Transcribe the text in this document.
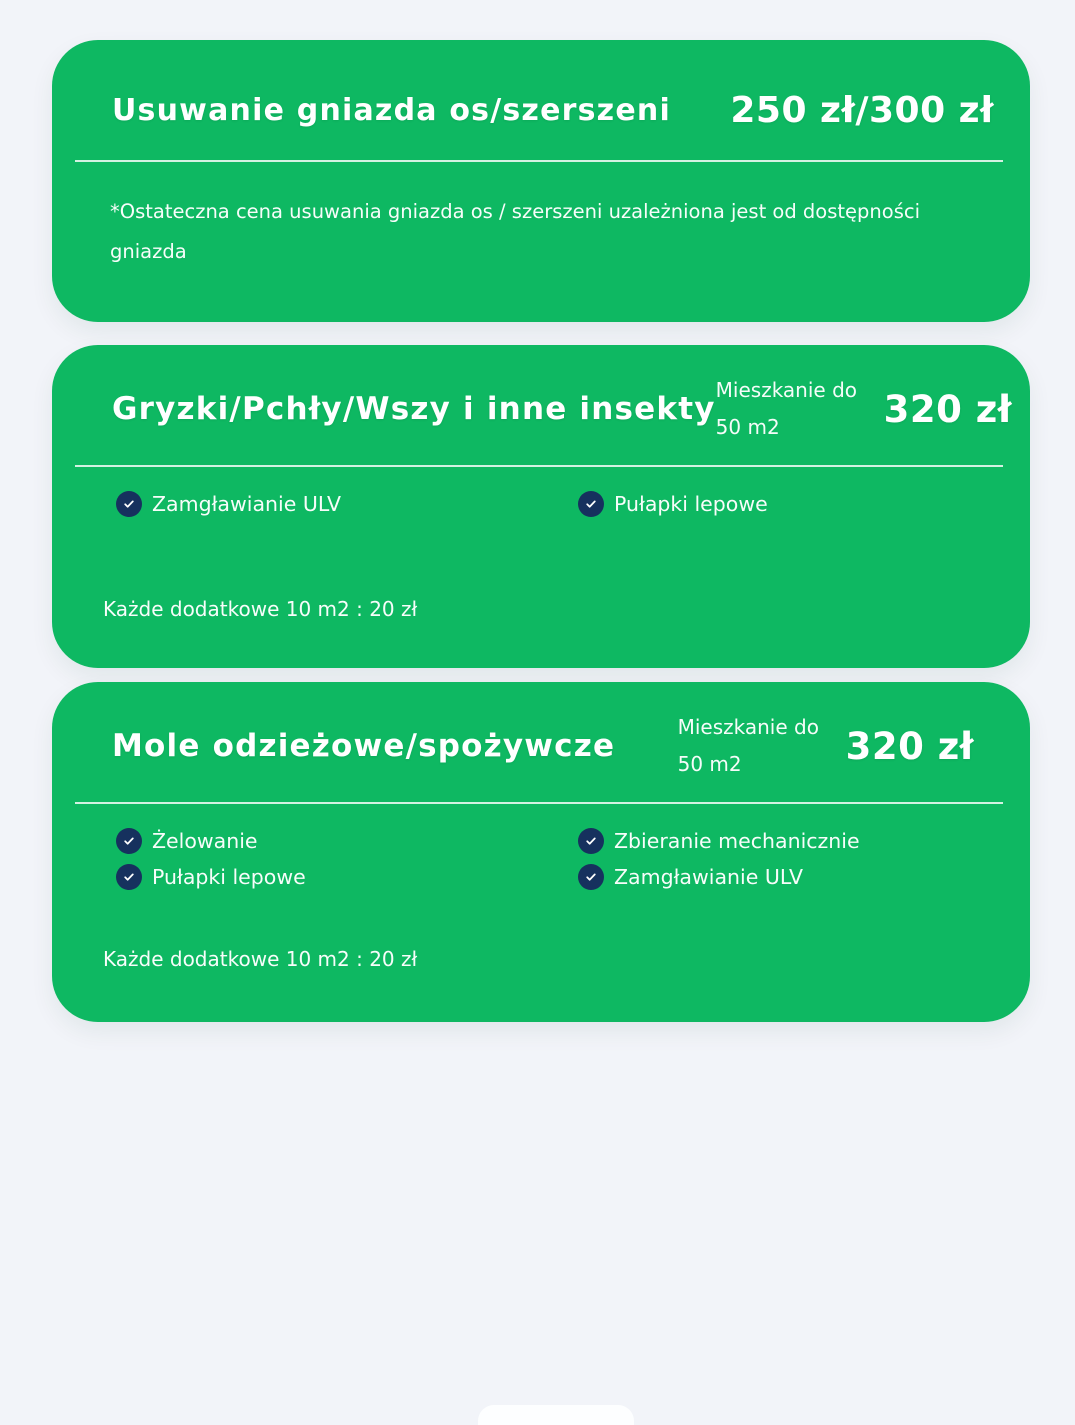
Usuwanie gniazda os/szerszeni 250 zł/300 zł
*Ostateczna cena usuwania gniazda os / szerszeni uzależniona jest od dostępności
gniazda
Gryzki/Pchły/Wszy i inne insekty
Mieszkanie do
50 m2	320 zł
Zamgławianie ULV	Pułapki lepowe
Każde dodatkowe 10 m2 : 20 zł
Mole odzieżowe/spożywcze
Mieszkanie do
50 m2	320 zł
Żelowanie	Zbieranie mechanicznie
Pułapki lepowe	Zamgławianie ULV
Każde dodatkowe 10 m2 : 20 zł
